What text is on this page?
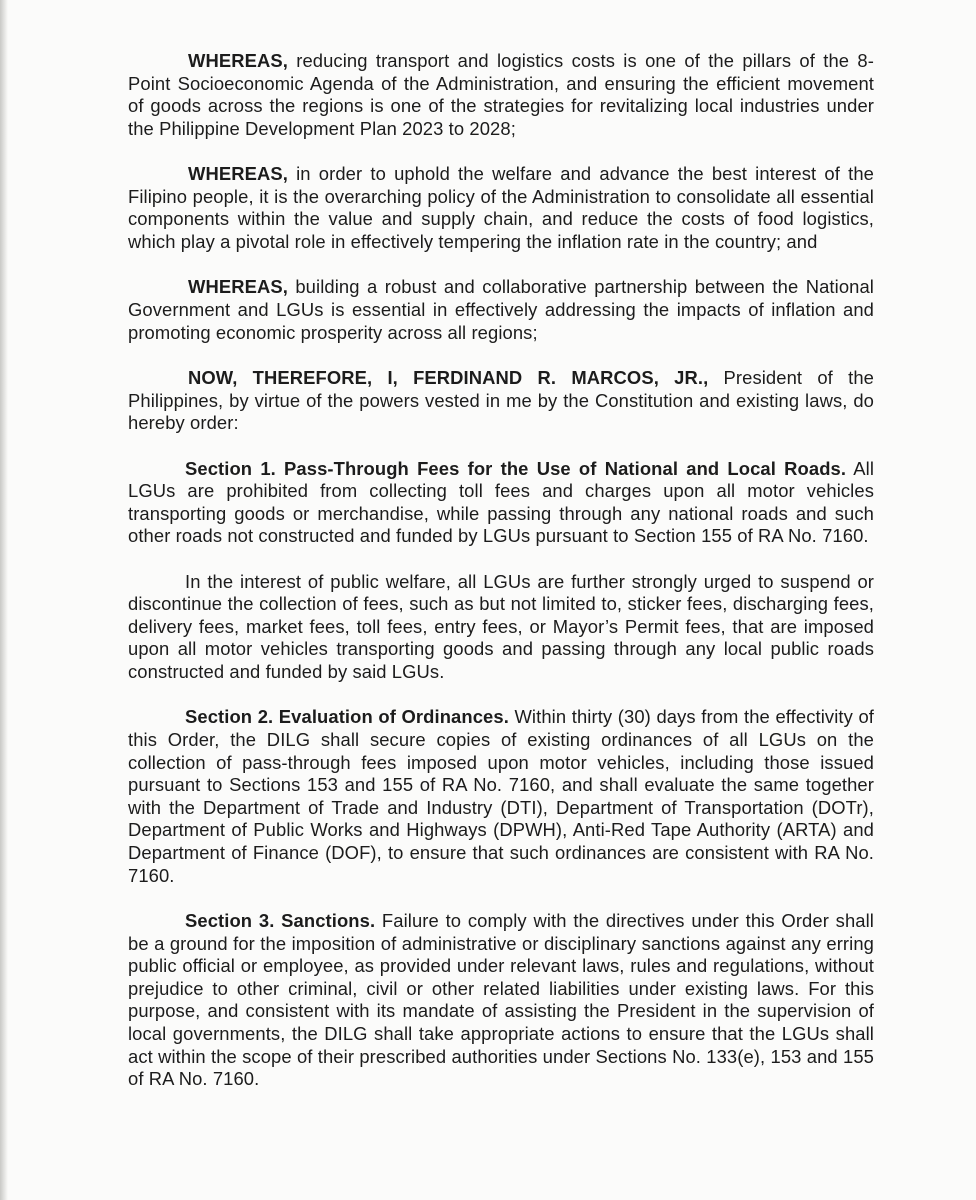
WHEREAS, reducing transport and logistics costs is one of the pillars of the 8-Point Socioeconomic Agenda of the Administration, and ensuring the efficient movement of goods across the regions is one of the strategies for revitalizing local industries under the Philippine Development Plan 2023 to 2028;

WHEREAS, in order to uphold the welfare and advance the best interest of the Filipino people, it is the overarching policy of the Administration to consolidate all essential components within the value and supply chain, and reduce the costs of food logistics, which play a pivotal role in effectively tempering the inflation rate in the country; and

WHEREAS, building a robust and collaborative partnership between the National Government and LGUs is essential in effectively addressing the impacts of inflation and promoting economic prosperity across all regions;

NOW, THEREFORE, I, FERDINAND R. MARCOS, JR., President of the Philippines, by virtue of the powers vested in me by the Constitution and existing laws, do hereby order:

Section 1. Pass-Through Fees for the Use of National and Local Roads. All LGUs are prohibited from collecting toll fees and charges upon all motor vehicles transporting goods or merchandise, while passing through any national roads and such other roads not constructed and funded by LGUs pursuant to Section 155 of RA No. 7160.

In the interest of public welfare, all LGUs are further strongly urged to suspend or discontinue the collection of fees, such as but not limited to, sticker fees, discharging fees, delivery fees, market fees, toll fees, entry fees, or Mayor’s Permit fees, that are imposed upon all motor vehicles transporting goods and passing through any local public roads constructed and funded by said LGUs.

Section 2. Evaluation of Ordinances. Within thirty (30) days from the effectivity of this Order, the DILG shall secure copies of existing ordinances of all LGUs on the collection of pass-through fees imposed upon motor vehicles, including those issued pursuant to Sections 153 and 155 of RA No. 7160, and shall evaluate the same together with the Department of Trade and Industry (DTI), Department of Transportation (DOTr), Department of Public Works and Highways (DPWH), Anti-Red Tape Authority (ARTA) and Department of Finance (DOF), to ensure that such ordinances are consistent with RA No. 7160.

Section 3. Sanctions. Failure to comply with the directives under this Order shall be a ground for the imposition of administrative or disciplinary sanctions against any erring public official or employee, as provided under relevant laws, rules and regulations, without prejudice to other criminal, civil or other related liabilities under existing laws. For this purpose, and consistent with its mandate of assisting the President in the supervision of local governments, the DILG shall take appropriate actions to ensure that the LGUs shall act within the scope of their prescribed authorities under Sections No. 133(e), 153 and 155 of RA No. 7160.
